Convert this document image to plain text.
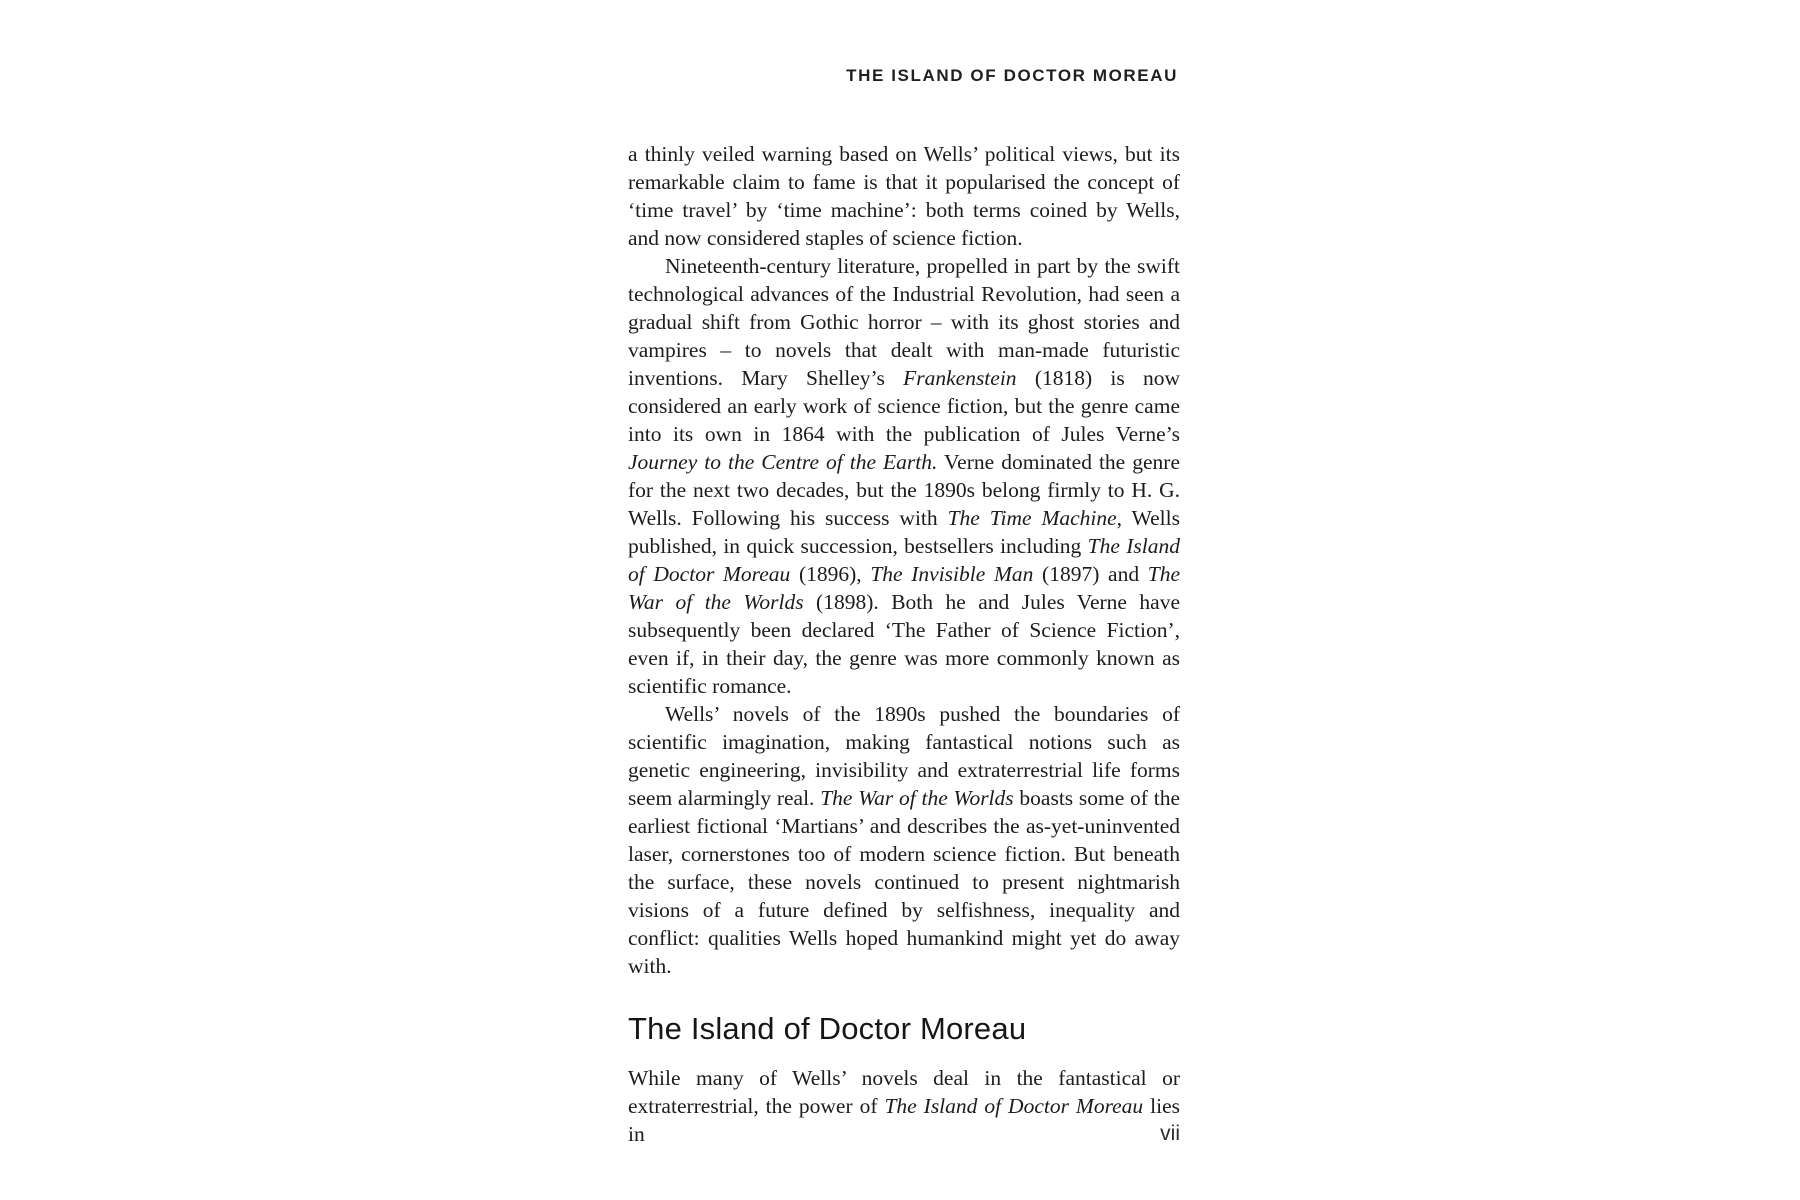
THE ISLAND OF DOCTOR MOREAU

a thinly veiled warning based on Wells’ political views, but its remarkable claim to fame is that it popularised the concept of ‘time travel’ by ‘time machine’: both terms coined by Wells, and now considered staples of science fiction.

Nineteenth-century literature, propelled in part by the swift technological advances of the Industrial Revolution, had seen a gradual shift from Gothic horror – with its ghost stories and vampires – to novels that dealt with man-made futuristic inventions. Mary Shelley’s Frankenstein (1818) is now considered an early work of science fiction, but the genre came into its own in 1864 with the publication of Jules Verne’s Journey to the Centre of the Earth. Verne dominated the genre for the next two decades, but the 1890s belong firmly to H. G. Wells. Following his success with The Time Machine, Wells published, in quick succession, bestsellers including The Island of Doctor Moreau (1896), The Invisible Man (1897) and The War of the Worlds (1898). Both he and Jules Verne have subsequently been declared ‘The Father of Science Fiction’, even if, in their day, the genre was more commonly known as scientific romance.

Wells’ novels of the 1890s pushed the boundaries of scientific imagination, making fantastical notions such as genetic engineering, invisibility and extraterrestrial life forms seem alarmingly real. The War of the Worlds boasts some of the earliest fictional ‘Martians’ and describes the as-yet-uninvented laser, cornerstones too of modern science fiction. But beneath the surface, these novels continued to present nightmarish visions of a future defined by selfishness, inequality and conflict: qualities Wells hoped humankind might yet do away with.

The Island of Doctor Moreau

While many of Wells’ novels deal in the fantastical or extraterrestrial, the power of The Island of Doctor Moreau lies in	vii
